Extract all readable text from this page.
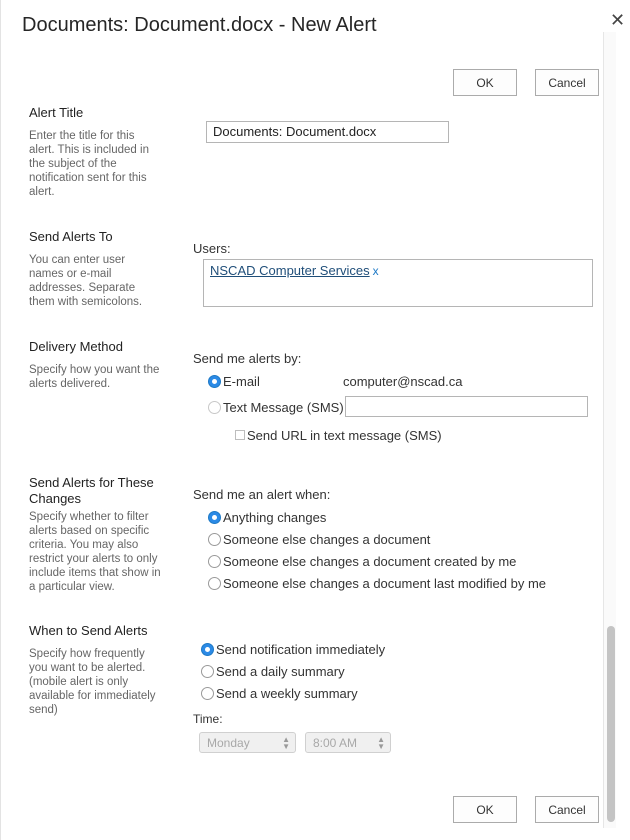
Documents: Document.docx - New Alert	✕
OK	Cancel
Alert Title
Enter the title for this alert. This is included in the subject of the notification sent for this alert.
Documents: Document.docx
Send Alerts To
You can enter user names or e-mail addresses. Separate them with semicolons.
Users:
NSCAD Computer Services x
Delivery Method
Specify how you want the alerts delivered.
Send me alerts by:
E-mail	computer@nscad.ca
Text Message (SMS)
Send URL in text message (SMS)
Send Alerts for These Changes
Specify whether to filter alerts based on specific criteria. You may also restrict your alerts to only include items that show in a particular view.
Send me an alert when:
Anything changes
Someone else changes a document
Someone else changes a document created by me
Someone else changes a document last modified by me
When to Send Alerts
Specify how frequently you want to be alerted. (mobile alert is only available for immediately send)
Send notification immediately
Send a daily summary
Send a weekly summary
Time:
Monday	▲
▼	8:00 AM	▲
▼
OK	Cancel
